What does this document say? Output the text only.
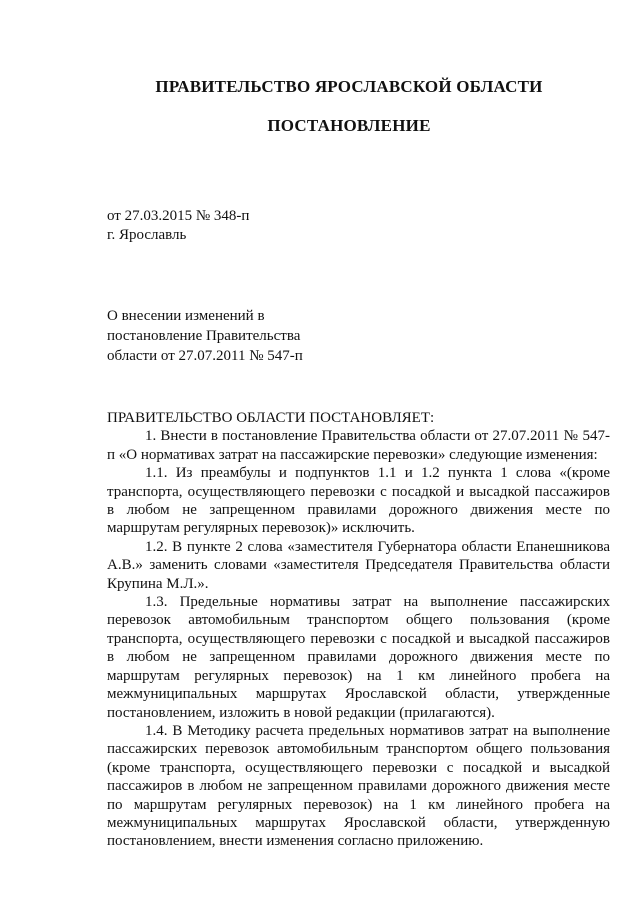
ПРАВИТЕЛЬСТВО ЯРОСЛАВСКОЙ ОБЛАСТИ
ПОСТАНОВЛЕНИЕ
от 27.03.2015 № 348-п
г. Ярославль
О внесении изменений в
постановление Правительства
области от 27.07.2011 № 547-п

ПРАВИТЕЛЬСТВО ОБЛАСТИ ПОСТАНОВЛЯЕТ:

1. Внести в постановление Правительства области от 27.07.2011 № 547-п «О нормативах затрат на пассажирские перевозки» следующие изменения:

1.1. Из преамбулы и подпунктов 1.1 и 1.2 пункта 1 слова «(кроме транспорта, осуществляющего перевозки с посадкой и высадкой пассажиров в любом не запрещенном правилами дорожного движения месте по маршрутам регулярных перевозок)» исключить.

1.2. В пункте 2 слова «заместителя Губернатора области Епанешникова А.В.» заменить словами «заместителя Председателя Правительства области Крупина М.Л.».

1.3. Предельные нормативы затрат на выполнение пассажирских перевозок автомобильным транспортом общего пользования (кроме транспорта, осуществляющего перевозки с посадкой и высадкой пассажиров в любом не запрещенном правилами дорожного движения месте по маршрутам регулярных перевозок) на 1 км линейного пробега на межмуниципальных маршрутах Ярославской области, утвержденные постановлением, изложить в новой редакции (прилагаются).

1.4. В Методику расчета предельных нормативов затрат на выполнение пассажирских перевозок автомобильным транспортом общего пользования (кроме транспорта, осуществляющего перевозки с посадкой и высадкой пассажиров в любом не запрещенном правилами дорожного движения месте по маршрутам регулярных перевозок) на 1 км линейного пробега на межмуниципальных маршрутах Ярославской области, утвержденную постановлением, внести изменения согласно приложению.
